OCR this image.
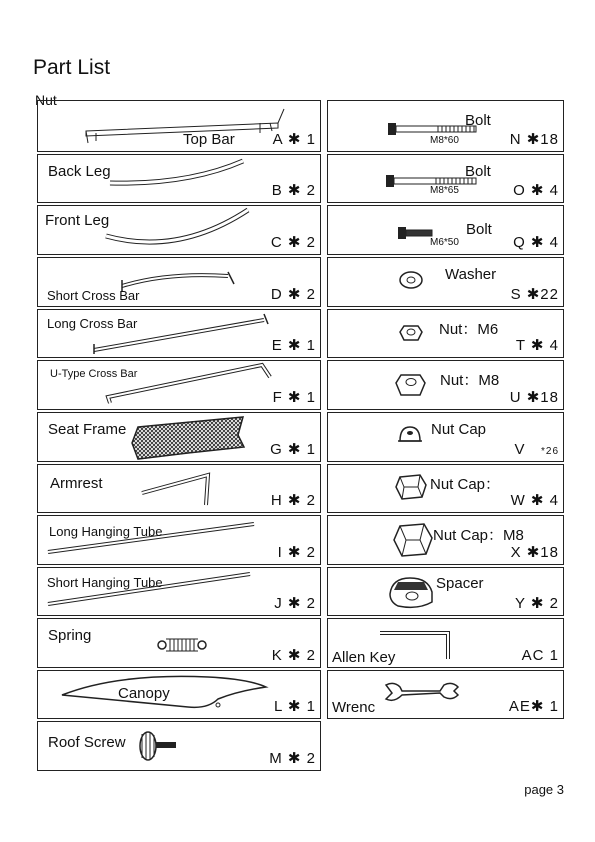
Part List
Nut
Top Bar	A ✱ 1
Back Leg
B ✱ 2
Front Leg
C ✱ 2
Short Cross Bar	D ✱ 2
Long Cross Bar
E ✱ 1
U-Type Cross Bar
F ✱ 1
Seat Frame
G ✱ 1
Armrest
H ✱ 2
Long Hanging Tube
I ✱ 2
Short Hanging Tube
J ✱ 2
Spring
K ✱ 2
Canopy
L ✱ 1
Roof Screw
M ✱ 2
Bolt
M8*60	N ✱18
Bolt
M8*65	O ✱ 4
Bolt
M6*50	Q ✱ 4
Washer
S ✱22
Nut：M6
T ✱ 4
Nut：M8
U ✱18
Nut Cap
V *26
Nut Cap：
W ✱ 4
Nut Cap：M8
X ✱18
Spacer
Y ✱ 2
Allen Key	AC 1
Wrenc	AE✱ 1
page 3
